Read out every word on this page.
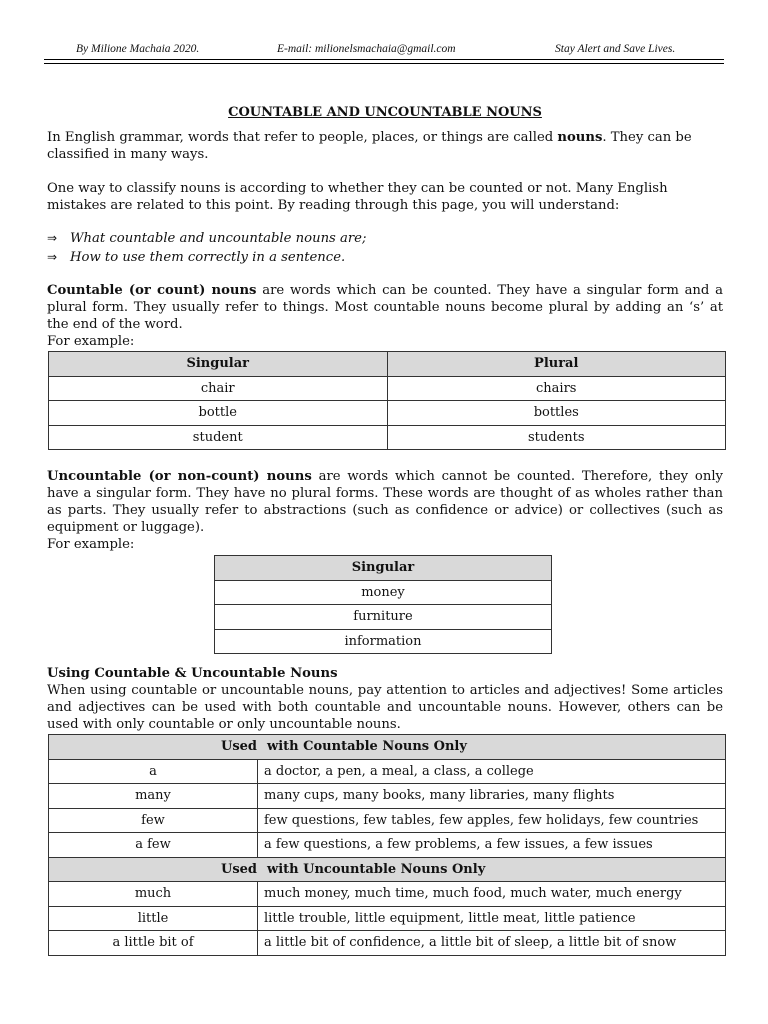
By Milione Machaia 2020.	E-mail: milionelsmachaia@gmail.com	Stay Alert and Save Lives.

COUNTABLE AND UNCOUNTABLE NOUNS

In English grammar, words that refer to people, places, or things are called nouns. They can be classified in many ways.

One way to classify nouns is according to whether they can be counted or not. Many English mistakes are related to this point. By reading through this page, you will understand:

⇒ What countable and uncountable nouns are;
⇒ How to use them correctly in a sentence.

Countable (or count) nouns are words which can be counted. They have a singular form and a plural form. They usually refer to things. Most countable nouns become plural by adding an ‘s’ at the end of the word.

For example:

Singular	Plural
chair	chairs
bottle	bottles
student	students

Uncountable (or non-count) nouns are words which cannot be counted. Therefore, they only have a singular form. They have no plural forms. These words are thought of as wholes rather than as parts. They usually refer to abstractions (such as confidence or advice) or collectives (such as equipment or luggage).

For example:

Singular
money
furniture
information

Using Countable & Uncountable Nouns

When using countable or uncountable nouns, pay attention to articles and adjectives! Some articles and adjectives can be used with both countable and uncountable nouns. However, others can be used with only countable or only uncountable nouns.

Used with Countable Nouns Only	
a	a doctor, a pen, a meal, a class, a college
many	many cups, many books, many libraries, many flights
few	few questions, few tables, few apples, few holidays, few countries
a few	a few questions, a few problems, a few issues, a few issues
Used with Uncountable Nouns Only	
much	much money, much time, much food, much water, much energy
little	little trouble, little equipment, little meat, little patience
a little bit of	a little bit of confidence, a little bit of sleep, a little bit of snow
